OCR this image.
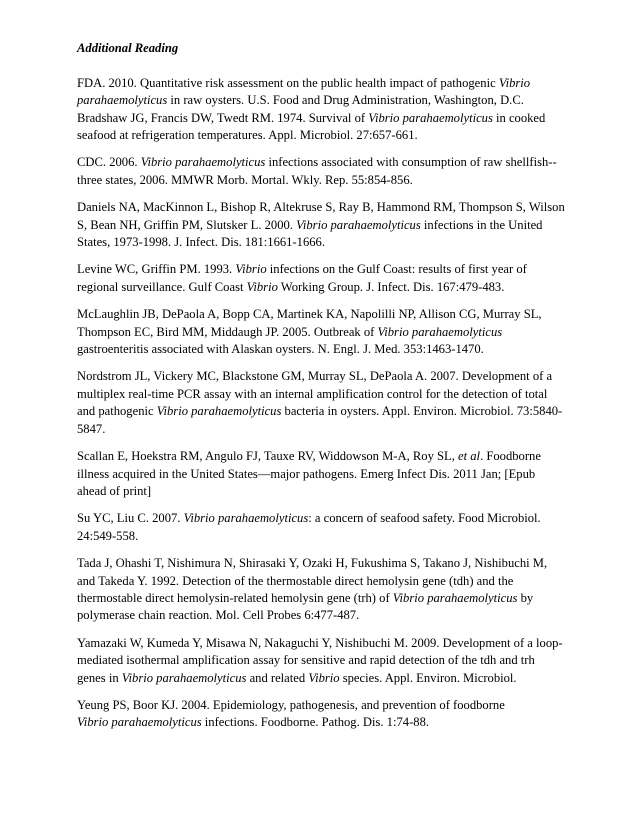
Additional Reading
FDA. 2010. Quantitative risk assessment on the public health impact of pathogenic Vibrio parahaemolyticus in raw oysters. U.S. Food and Drug Administration, Washington, D.C. Bradshaw JG, Francis DW, Twedt RM. 1974. Survival of Vibrio parahaemolyticus in cooked seafood at refrigeration temperatures. Appl. Microbiol. 27:657-661.
CDC. 2006. Vibrio parahaemolyticus infections associated with consumption of raw shellfish--three states, 2006. MMWR Morb. Mortal. Wkly. Rep. 55:854-856.
Daniels NA, MacKinnon L, Bishop R, Altekruse S, Ray B, Hammond RM, Thompson S, Wilson S, Bean NH, Griffin PM, Slutsker L. 2000. Vibrio parahaemolyticus infections in the United States, 1973-1998. J. Infect. Dis. 181:1661-1666.
Levine WC, Griffin PM. 1993. Vibrio infections on the Gulf Coast: results of first year of regional surveillance. Gulf Coast Vibrio Working Group. J. Infect. Dis. 167:479-483.
McLaughlin JB, DePaola A, Bopp CA, Martinek KA, Napolilli NP, Allison CG, Murray SL, Thompson EC, Bird MM, Middaugh JP. 2005. Outbreak of Vibrio parahaemolyticus gastroenteritis associated with Alaskan oysters. N. Engl. J. Med. 353:1463-1470.
Nordstrom JL, Vickery MC, Blackstone GM, Murray SL, DePaola A. 2007. Development of a multiplex real-time PCR assay with an internal amplification control for the detection of total and pathogenic Vibrio parahaemolyticus bacteria in oysters. Appl. Environ. Microbiol. 73:5840-5847.
Scallan E, Hoekstra RM, Angulo FJ, Tauxe RV, Widdowson M-A, Roy SL, et al. Foodborne illness acquired in the United States—major pathogens. Emerg Infect Dis. 2011 Jan; [Epub ahead of print]
Su YC, Liu C. 2007. Vibrio parahaemolyticus: a concern of seafood safety. Food Microbiol. 24:549-558.
Tada J, Ohashi T, Nishimura N, Shirasaki Y, Ozaki H, Fukushima S, Takano J, Nishibuchi M, and Takeda Y. 1992. Detection of the thermostable direct hemolysin gene (tdh) and the thermostable direct hemolysin-related hemolysin gene (trh) of Vibrio parahaemolyticus by polymerase chain reaction. Mol. Cell Probes 6:477-487.
Yamazaki W, Kumeda Y, Misawa N, Nakaguchi Y, Nishibuchi M. 2009. Development of a loop-mediated isothermal amplification assay for sensitive and rapid detection of the tdh and trh genes in Vibrio parahaemolyticus and related Vibrio species. Appl. Environ. Microbiol.
Yeung PS, Boor KJ. 2004. Epidemiology, pathogenesis, and prevention of foodborne
Vibrio parahaemolyticus infections. Foodborne. Pathog. Dis. 1:74-88.
